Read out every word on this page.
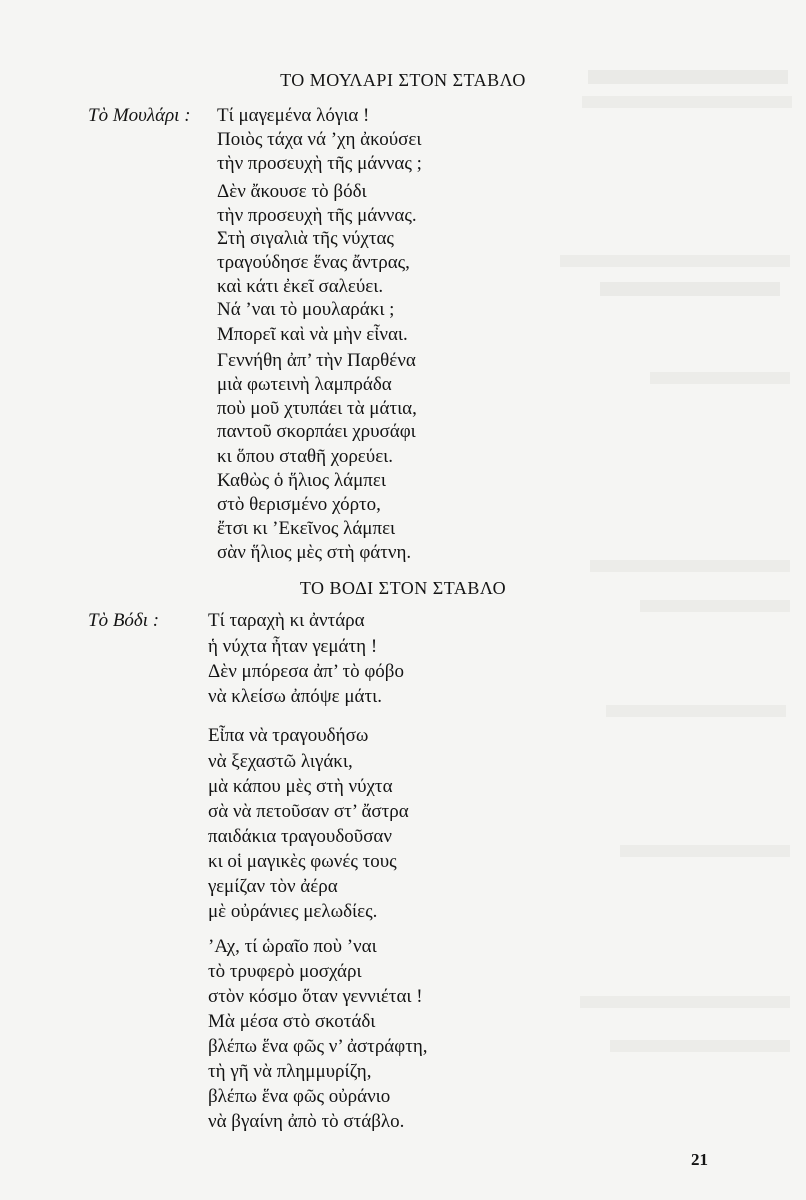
ΤΟ ΜΟΥΛΑΡΙ ΣΤΟΝ ΣΤΑΒΛΟ
Τὸ Μουλάρι : Τί μαγεμένα λόγια !
Ποιὸς τάχα νά ’χη ἀκούσει
τὴν προσευχὴ τῆς μάννας ;
Δὲν ἄκουσε τὸ βόδι
τὴν προσευχὴ τῆς μάννας.
Στὴ σιγαλιὰ τῆς νύχτας
τραγούδησε ἕνας ἄντρας,
καὶ κάτι ἐκεῖ σαλεύει.
Νά ’ναι τὸ μουλαράκι ;
Μπορεῖ καὶ νὰ μὴν εἶναι.
Γεννήθη ἀπ’ τὴν Παρθένα
μιὰ φωτεινὴ λαμπράδα
ποὺ μοῦ χτυπάει τὰ μάτια,
παντοῦ σκορπάει χρυσάφι
κι ὅπου σταθῆ χορεύει.
Καθὼς ὁ ἥλιος λάμπει
στὸ θερισμένο χόρτο,
ἔτσι κι ’Εκεῖνος λάμπει
σὰν ἥλιος μὲς στὴ φάτνη.
ΤΟ ΒΟΔΙ ΣΤΟΝ ΣΤΑΒΛΟ
Τὸ Βόδι :	Τί ταραχὴ κι ἀντάρα
ἡ νύχτα ἦταν γεμάτη !
Δὲν μπόρεσα ἀπ’ τὸ φόβο
νὰ κλείσω ἀπόψε μάτι.
Εἶπα νὰ τραγουδήσω
νὰ ξεχαστῶ λιγάκι,
μὰ κάπου μὲς στὴ νύχτα
σὰ νὰ πετοῦσαν στ’ ἄστρα
παιδάκια τραγουδοῦσαν
κι οἱ μαγικὲς φωνές τους
γεμίζαν τὸν ἀέρα
μὲ οὐράνιες μελωδίες.
’Αχ, τί ὡραῖο ποὺ ’ναι
τὸ τρυφερὸ μοσχάρι
στὸν κόσμο ὅταν γεννιέται !
Μὰ μέσα στὸ σκοτάδι
βλέπω ἕνα φῶς ν’ ἀστράφτη,
τὴ γῆ νὰ πλημμυρίζη,
βλέπω ἕνα φῶς οὐράνιο
νὰ βγαίνη ἀπὸ τὸ στάβλο.
21
